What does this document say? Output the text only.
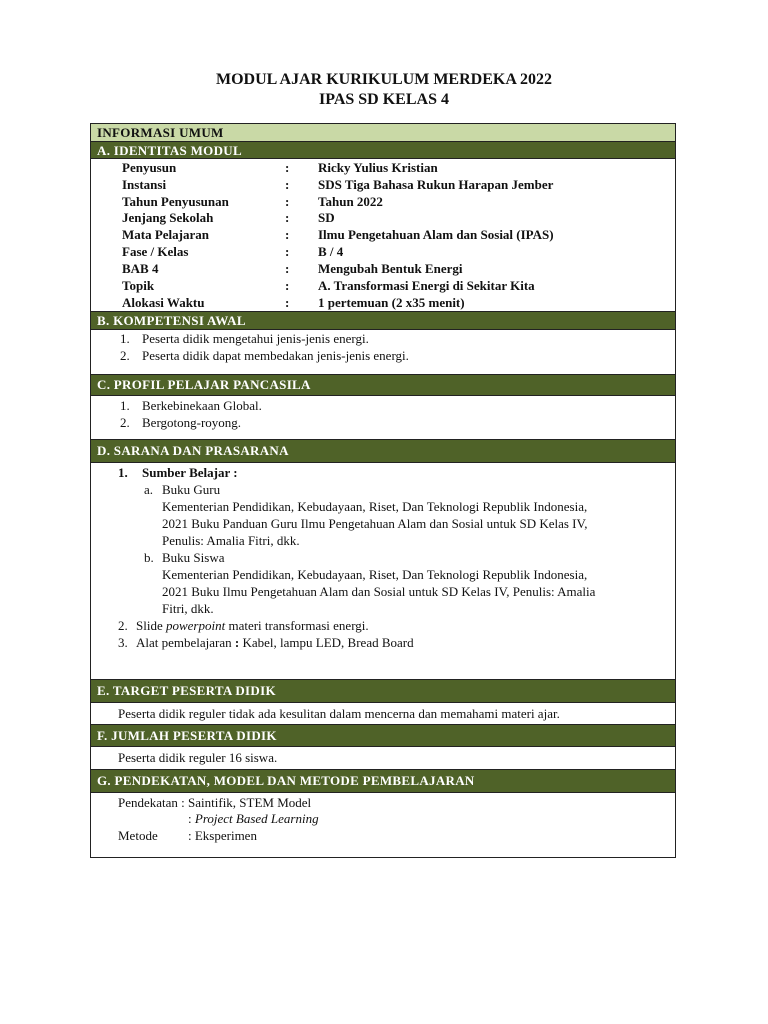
MODUL AJAR KURIKULUM MERDEKA 2022
IPAS SD KELAS 4
INFORMASI UMUM
A. IDENTITAS MODUL
Penyusun	: Ricky Yulius Kristian
Instansi	: SDS Tiga Bahasa Rukun Harapan Jember
Tahun Penyusunan	: Tahun 2022
Jenjang Sekolah	: SD
Mata Pelajaran	: Ilmu Pengetahuan Alam dan Sosial (IPAS)
Fase / Kelas	: B / 4
BAB 4	: Mengubah Bentuk Energi
Topik	: A. Transformasi Energi di Sekitar Kita
Alokasi Waktu	: 1 pertemuan (2 x35 menit)
B. KOMPETENSI AWAL
1. Peserta didik mengetahui jenis-jenis energi.
2. Peserta didik dapat membedakan jenis-jenis energi.
C. PROFIL PELAJAR PANCASILA
1. Berkebinekaan Global.
2. Bergotong-royong.
D. SARANA DAN PRASARANA
1. Sumber Belajar :
a. Buku Guru
Kementerian Pendidikan, Kebudayaan, Riset, Dan Teknologi Republik Indonesia,
2021 Buku Panduan Guru Ilmu Pengetahuan Alam dan Sosial untuk SD Kelas IV,
Penulis: Amalia Fitri, dkk.
b. Buku Siswa
Kementerian Pendidikan, Kebudayaan, Riset, Dan Teknologi Republik Indonesia,
2021 Buku Ilmu Pengetahuan Alam dan Sosial untuk SD Kelas IV, Penulis: Amalia
Fitri, dkk.
2. Slide powerpoint materi transformasi energi.
3. Alat pembelajaran : Kabel, lampu LED, Bread Board
E. TARGET PESERTA DIDIK
Peserta didik reguler tidak ada kesulitan dalam mencerna dan memahami materi ajar.
F. JUMLAH PESERTA DIDIK
Peserta didik reguler 16 siswa.
G. PENDEKATAN, MODEL DAN METODE PEMBELAJARAN
Pendekatan : Saintifik, STEM Model
: Project Based Learning
Metode : Eksperimen
